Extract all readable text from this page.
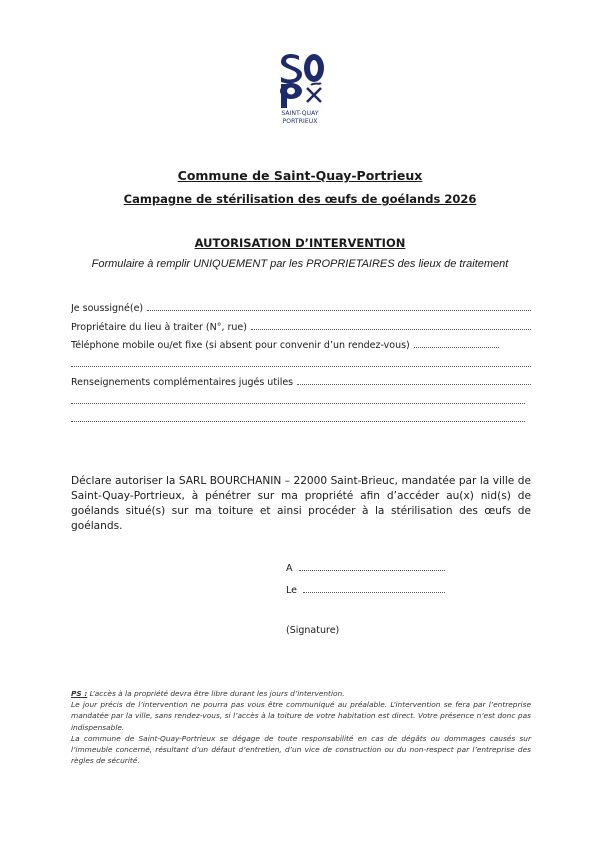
SAINT-QUAY
PORTRIEUX
Commune de Saint-Quay-Portrieux
Campagne de stérilisation des œufs de goélands 2026
AUTORISATION D’INTERVENTION
Formulaire à remplir UNIQUEMENT par les PROPRIETAIRES des lieux de traitement
Je soussigné(e)
Propriétaire du lieu à traiter (N°, rue)
Téléphone mobile ou/et fixe (si absent pour convenir d’un rendez-vous)
Renseignements complémentaires jugés utiles
Déclare autoriser la SARL BOURCHANIN – 22000 Saint-Brieuc, mandatée par la ville de Saint-Quay-Portrieux, à pénétrer sur ma propriété afin d’accéder au(x) nid(s) de goélands situé(s) sur ma toiture et ainsi procéder à la stérilisation des œufs de goélands.
A
Le
(Signature)

PS : L’accès à la propriété devra être libre durant les jours d’intervention.

Le jour précis de l’intervention ne pourra pas vous être communiqué au préalable. L’intervention se fera par l’entreprise mandatée par la ville, sans rendez-vous, si l’accès à la toiture de votre habitation est direct. Votre présence n’est donc pas indispensable.

La commune de Saint-Quay-Portrieux se dégage de toute responsabilité en cas de dégâts ou dommages causés sur l’immeuble concerné, résultant d’un défaut d’entretien, d’un vice de construction ou du non-respect par l’entreprise des règles de sécurité.
